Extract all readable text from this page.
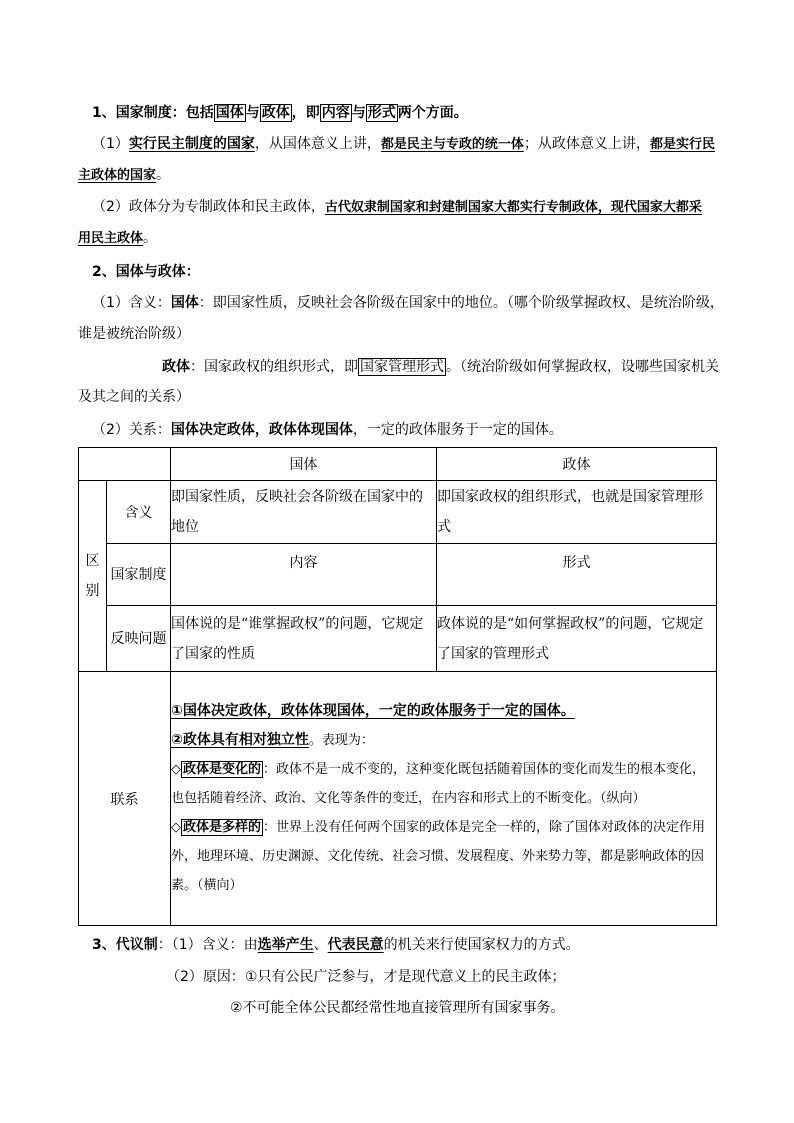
1、国家制度：包括 国体 与 政体 ，即 内容 与 形式 两个方面。
（1）实行民主制度的国家，从国体意义上讲，都是民主与专政的统一体；从政体意义上讲，都是实行民
主政体的国家。
（2）政体分为专制政体和民主政体，古代奴隶制国家和封建制国家大都实行专制政体，现代国家大都采
用民主政体。
2、国体与政体：
（1）含义：国体：即国家性质，反映社会各阶级在国家中的地位。（哪个阶级掌握政权、是统治阶级，
谁是被统治阶级）
政体：国家政权的组织形式，即 国家管理形式 。（统治阶级如何掌握政权，设哪些国家机关
及其之间的关系）
（2）关系：国体决定政体，政体体现国体，一定的政体服务于一定的国体。
		国体	政体

区别	含义	即国家性质，反映社会各阶级在国家中的地位	即国家政权的组织形式，也就是国家管理形式

	国家制度	内容	形式

	反映问题	国体说的是“谁掌握政权”的问题，它规定了国家的性质	政体说的是“如何掌握政权”的问题，它规定了国家的管理形式
联系		①国体决定政体，政体体现国体，一定的政体服务于一定的国体。
②政体具有相对独立性。表现为：
◇ 政体是变化的 ：政体不是一成不变的，这种变化既包括随着国体的变化而发生的根本变化，也包括随着经济、政治、文化等条件的变迁，在内容和形式上的不断变化。（纵向）
◇ 政体是多样的 ：世界上没有任何两个国家的政体是完全一样的，除了国体对政体的决定作用外，地理环境、历史渊源、文化传统、社会习惯、发展程度、外来势力等，都是影响政体的因素。（横向）	
3、代议制：（1）含义：由选举产生、代表民意的机关来行使国家权力的方式。
（2）原因：①只有公民广泛参与，才是现代意义上的民主政体；
②不可能全体公民都经常性地直接管理所有国家事务。
